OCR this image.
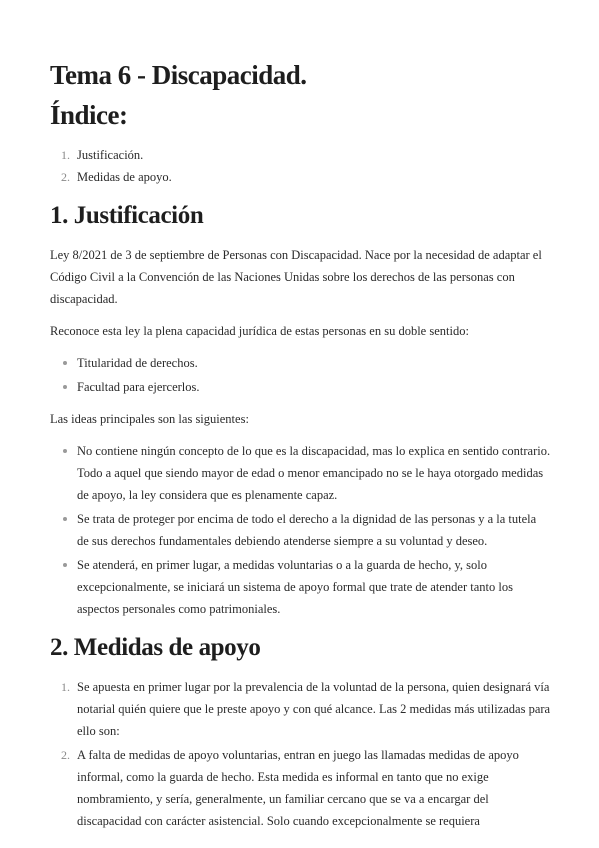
Tema 6 - Discapacidad.
Índice:
1. Justificación.
2. Medidas de apoyo.
1. Justificación

Ley 8/2021 de 3 de septiembre de Personas con Discapacidad. Nace por la necesidad de adaptar el Código Civil a la Convención de las Naciones Unidas sobre los derechos de las personas con discapacidad.

Reconoce esta ley la plena capacidad jurídica de estas personas en su doble sentido:

Titularidad de derechos.
Facultad para ejercerlos.

Las ideas principales son las siguientes:

No contiene ningún concepto de lo que es la discapacidad, mas lo explica en sentido contrario. Todo a aquel que siendo mayor de edad o menor emancipado no se le haya otorgado medidas de apoyo, la ley considera que es plenamente capaz.
Se trata de proteger por encima de todo el derecho a la dignidad de las personas y a la tutela de sus derechos fundamentales debiendo atenderse siempre a su voluntad y deseo.
Se atenderá, en primer lugar, a medidas voluntarias o a la guarda de hecho, y, solo excepcionalmente, se iniciará un sistema de apoyo formal que trate de atender tanto los aspectos personales como patrimoniales.
2. Medidas de apoyo
1. Se apuesta en primer lugar por la prevalencia de la voluntad de la persona, quien designará vía notarial quién quiere que le preste apoyo y con qué alcance. Las 2 medidas más utilizadas para ello son:
2. A falta de medidas de apoyo voluntarias, entran en juego las llamadas medidas de apoyo informal, como la guarda de hecho. Esta medida es informal en tanto que no exige nombramiento, y sería, generalmente, un familiar cercano que se va a encargar del discapacidad con carácter asistencial. Solo cuando excepcionalmente se requiera
